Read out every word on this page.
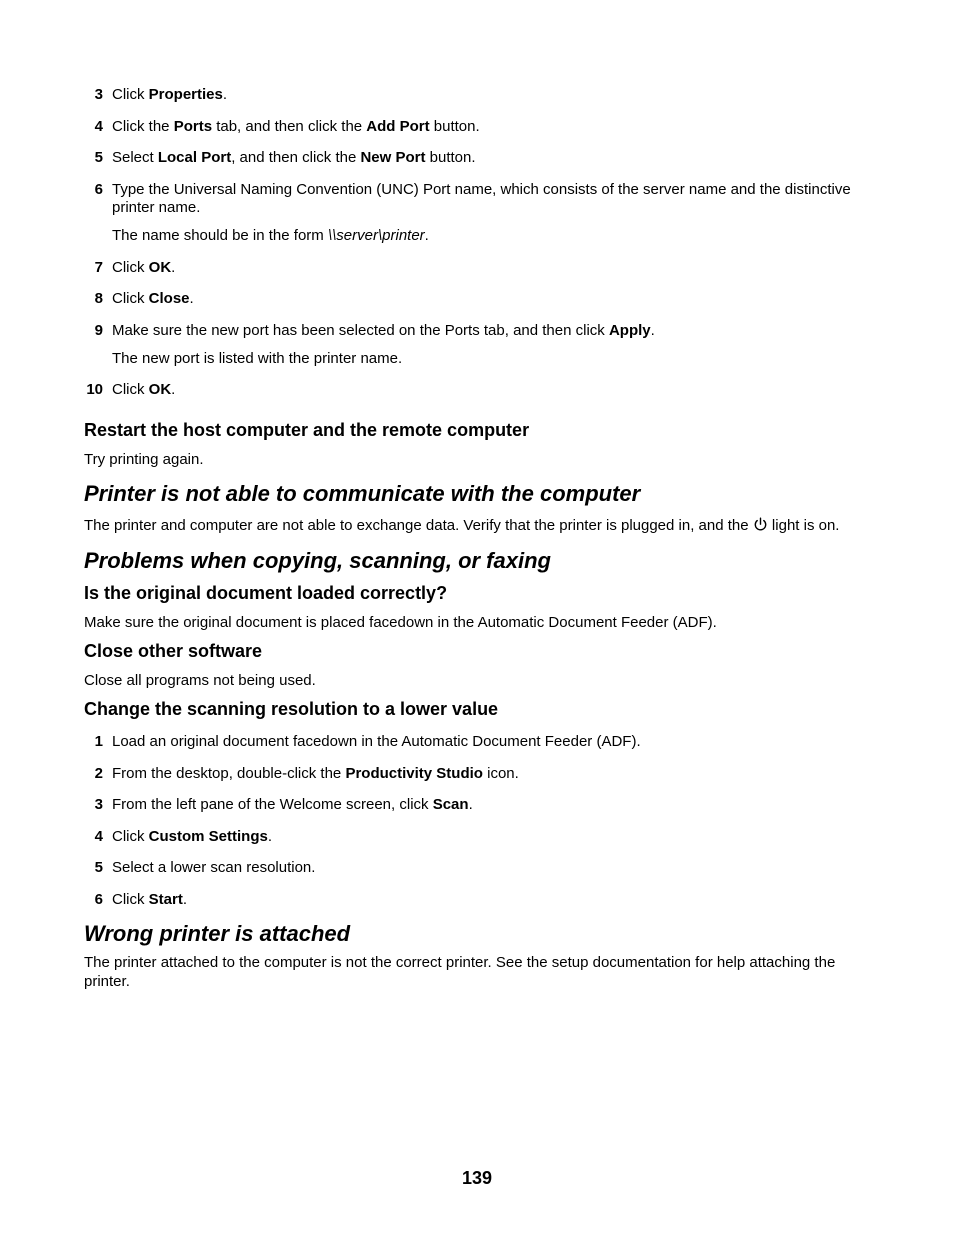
3 Click Properties.
4 Click the Ports tab, and then click the Add Port button.
5 Select Local Port, and then click the New Port button.
6 Type the Universal Naming Convention (UNC) Port name, which consists of the server name and the distinctive printer name.
The name should be in the form \\server\printer.
7 Click OK.
8 Click Close.
9 Make sure the new port has been selected on the Ports tab, and then click Apply.
The new port is listed with the printer name.
10 Click OK.
Restart the host computer and the remote computer
Try printing again.
Printer is not able to communicate with the computer
The printer and computer are not able to exchange data. Verify that the printer is plugged in, and the  light is on.
Problems when copying, scanning, or faxing
Is the original document loaded correctly?
Make sure the original document is placed facedown in the Automatic Document Feeder (ADF).
Close other software
Close all programs not being used.
Change the scanning resolution to a lower value
1 Load an original document facedown in the Automatic Document Feeder (ADF).
2 From the desktop, double-click the Productivity Studio icon.
3 From the left pane of the Welcome screen, click Scan.
4 Click Custom Settings.
5 Select a lower scan resolution.
6 Click Start.
Wrong printer is attached
The printer attached to the computer is not the correct printer. See the setup documentation for help attaching the printer.
139
